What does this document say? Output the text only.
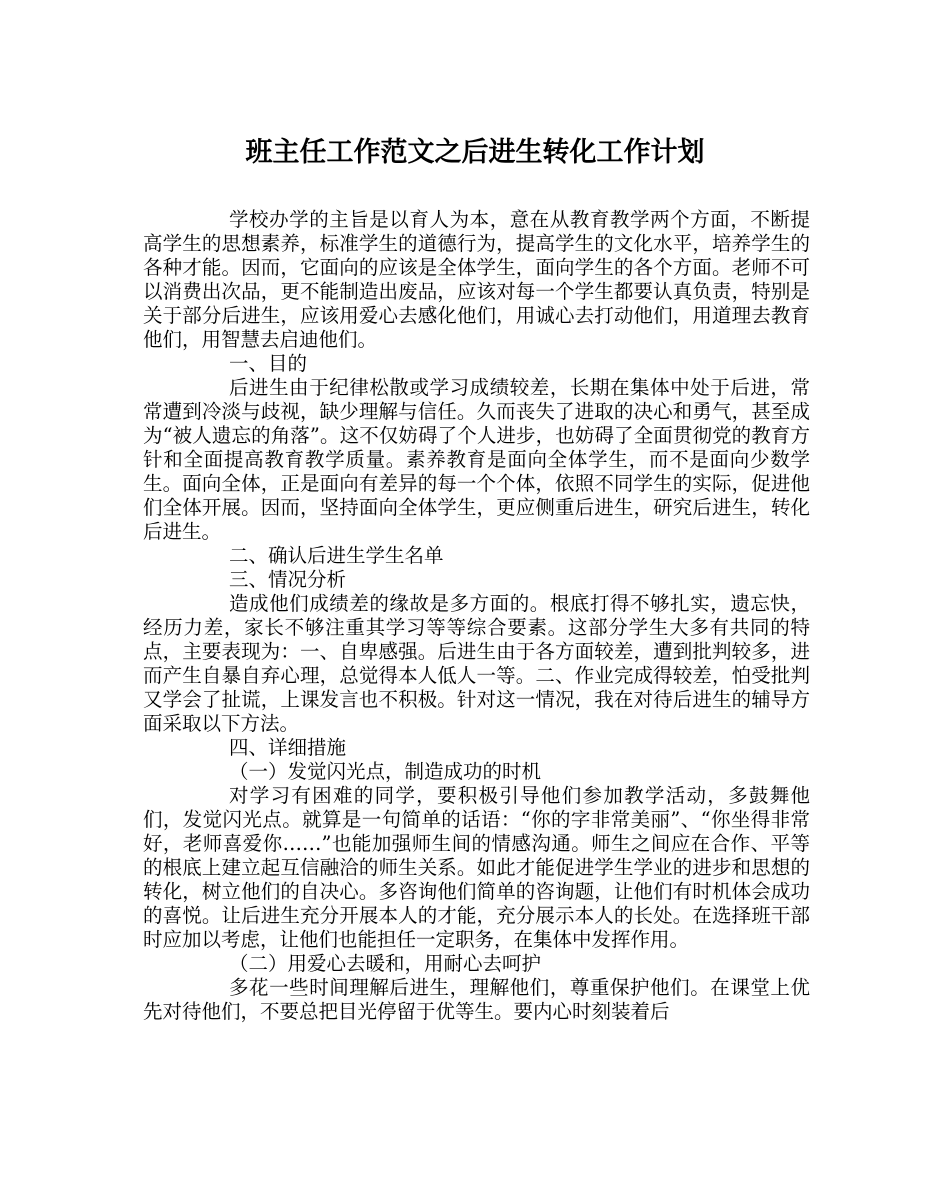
班主任工作范文之后进生转化工作计划

学校办学的主旨是以育人为本，意在从教育教学两个方面，不断提高学生的思想素养，标准学生的道德行为，提高学生的文化水平，培养学生的各种才能。因而，它面向的应该是全体学生，面向学生的各个方面。老师不可以消费出次品，更不能制造出废品，应该对每一个学生都要认真负责，特别是关于部分后进生，应该用爱心去感化他们，用诚心去打动他们，用道理去教育他们，用智慧去启迪他们。

一、目的

后进生由于纪律松散或学习成绩较差，长期在集体中处于后进，常常遭到冷淡与歧视，缺少理解与信任。久而丧失了进取的决心和勇气，甚至成为“被人遗忘的角落”。这不仅妨碍了个人进步，也妨碍了全面贯彻党的教育方针和全面提高教育教学质量。素养教育是面向全体学生，而不是面向少数学生。面向全体，正是面向有差异的每一个个体，依照不同学生的实际，促进他们全体开展。因而，坚持面向全体学生，更应侧重后进生，研究后进生，转化后进生。

二、确认后进生学生名单

三、情况分析

造成他们成绩差的缘故是多方面的。根底打得不够扎实，遗忘快，经历力差，家长不够注重其学习等等综合要素。这部分学生大多有共同的特点，主要表现为：一、自卑感强。后进生由于各方面较差，遭到批判较多，进而产生自暴自弃心理，总觉得本人低人一等。二、作业完成得较差，怕受批判又学会了扯谎，上课发言也不积极。针对这一情况，我在对待后进生的辅导方面采取以下方法。

四、详细措施

（一）发觉闪光点，制造成功的时机

对学习有困难的同学，要积极引导他们参加教学活动，多鼓舞他们，发觉闪光点。就算是一句简单的话语：“你的字非常美丽”、“你坐得非常好，老师喜爱你……”也能加强师生间的情感沟通。师生之间应在合作、平等的根底上建立起互信融洽的师生关系。如此才能促进学生学业的进步和思想的转化，树立他们的自决心。多咨询他们简单的咨询题，让他们有时机体会成功的喜悦。让后进生充分开展本人的才能，充分展示本人的长处。在选择班干部时应加以考虑，让他们也能担任一定职务，在集体中发挥作用。

（二）用爱心去暖和，用耐心去呵护

多花一些时间理解后进生，理解他们，尊重保护他们。在课堂上优先对待他们，不要总把目光停留于优等生。要内心时刻装着后
